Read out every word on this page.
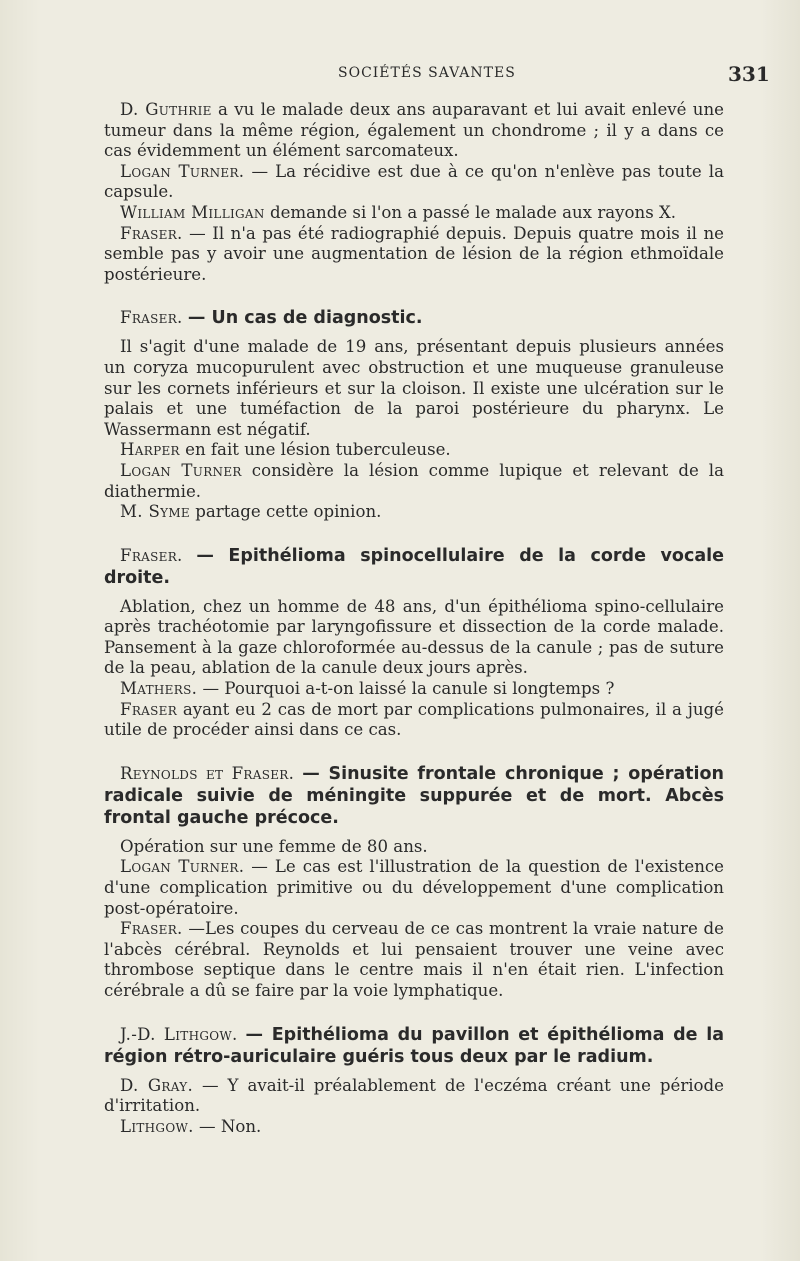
SOCIÉTÉS SAVANTES	331

D. Guthrie a vu le malade deux ans auparavant et lui avait enlevé une tumeur dans la même région, également un chondrome ; il y a dans ce cas évidemment un élément sarcomateux.

Logan Turner. — La récidive est due à ce qu'on n'enlève pas toute la capsule.

William Milligan demande si l'on a passé le malade aux rayons X.

Fraser. — Il n'a pas été radiographié depuis. Depuis quatre mois il ne semble pas y avoir une augmentation de lésion de la région ethmoïdale postérieure.

Fraser. — Un cas de diagnostic.

Il s'agit d'une malade de 19 ans, présentant depuis plusieurs années un coryza mucopurulent avec obstruction et une muqueuse granuleuse sur les cornets inférieurs et sur la cloison. Il existe une ulcération sur le palais et une tuméfaction de la paroi postérieure du pharynx. Le Wassermann est négatif.

Harper en fait une lésion tuberculeuse.

Logan Turner considère la lésion comme lupique et relevant de la diathermie.

M. Syme partage cette opinion.

Fraser. — Epithélioma spinocellulaire de la corde vocale droite.

Ablation, chez un homme de 48 ans, d'un épithélioma spino-cellulaire après trachéotomie par laryngofissure et dissection de la corde malade. Pansement à la gaze chloroformée au-dessus de la canule ; pas de suture de la peau, ablation de la canule deux jours après.

Mathers. — Pourquoi a-t-on laissé la canule si longtemps ?

Fraser ayant eu 2 cas de mort par complications pulmonaires, il a jugé utile de procéder ainsi dans ce cas.

Reynolds et Fraser. — Sinusite frontale chronique ; opération radicale suivie de méningite suppurée et de mort. Abcès frontal gauche précoce.

Opération sur une femme de 80 ans.

Logan Turner. — Le cas est l'illustration de la question de l'existence d'une complication primitive ou du développement d'une complication post-opératoire.

Fraser. —Les coupes du cerveau de ce cas montrent la vraie nature de l'abcès cérébral. Reynolds et lui pensaient trouver une veine avec thrombose septique dans le centre mais il n'en était rien. L'infection cérébrale a dû se faire par la voie lymphatique.

J.-D. Lithgow. — Epithélioma du pavillon et épithélioma de la région rétro-auriculaire guéris tous deux par le radium.

D. Gray. — Y avait-il préalablement de l'eczéma créant une période d'irritation.

Lithgow. — Non.
